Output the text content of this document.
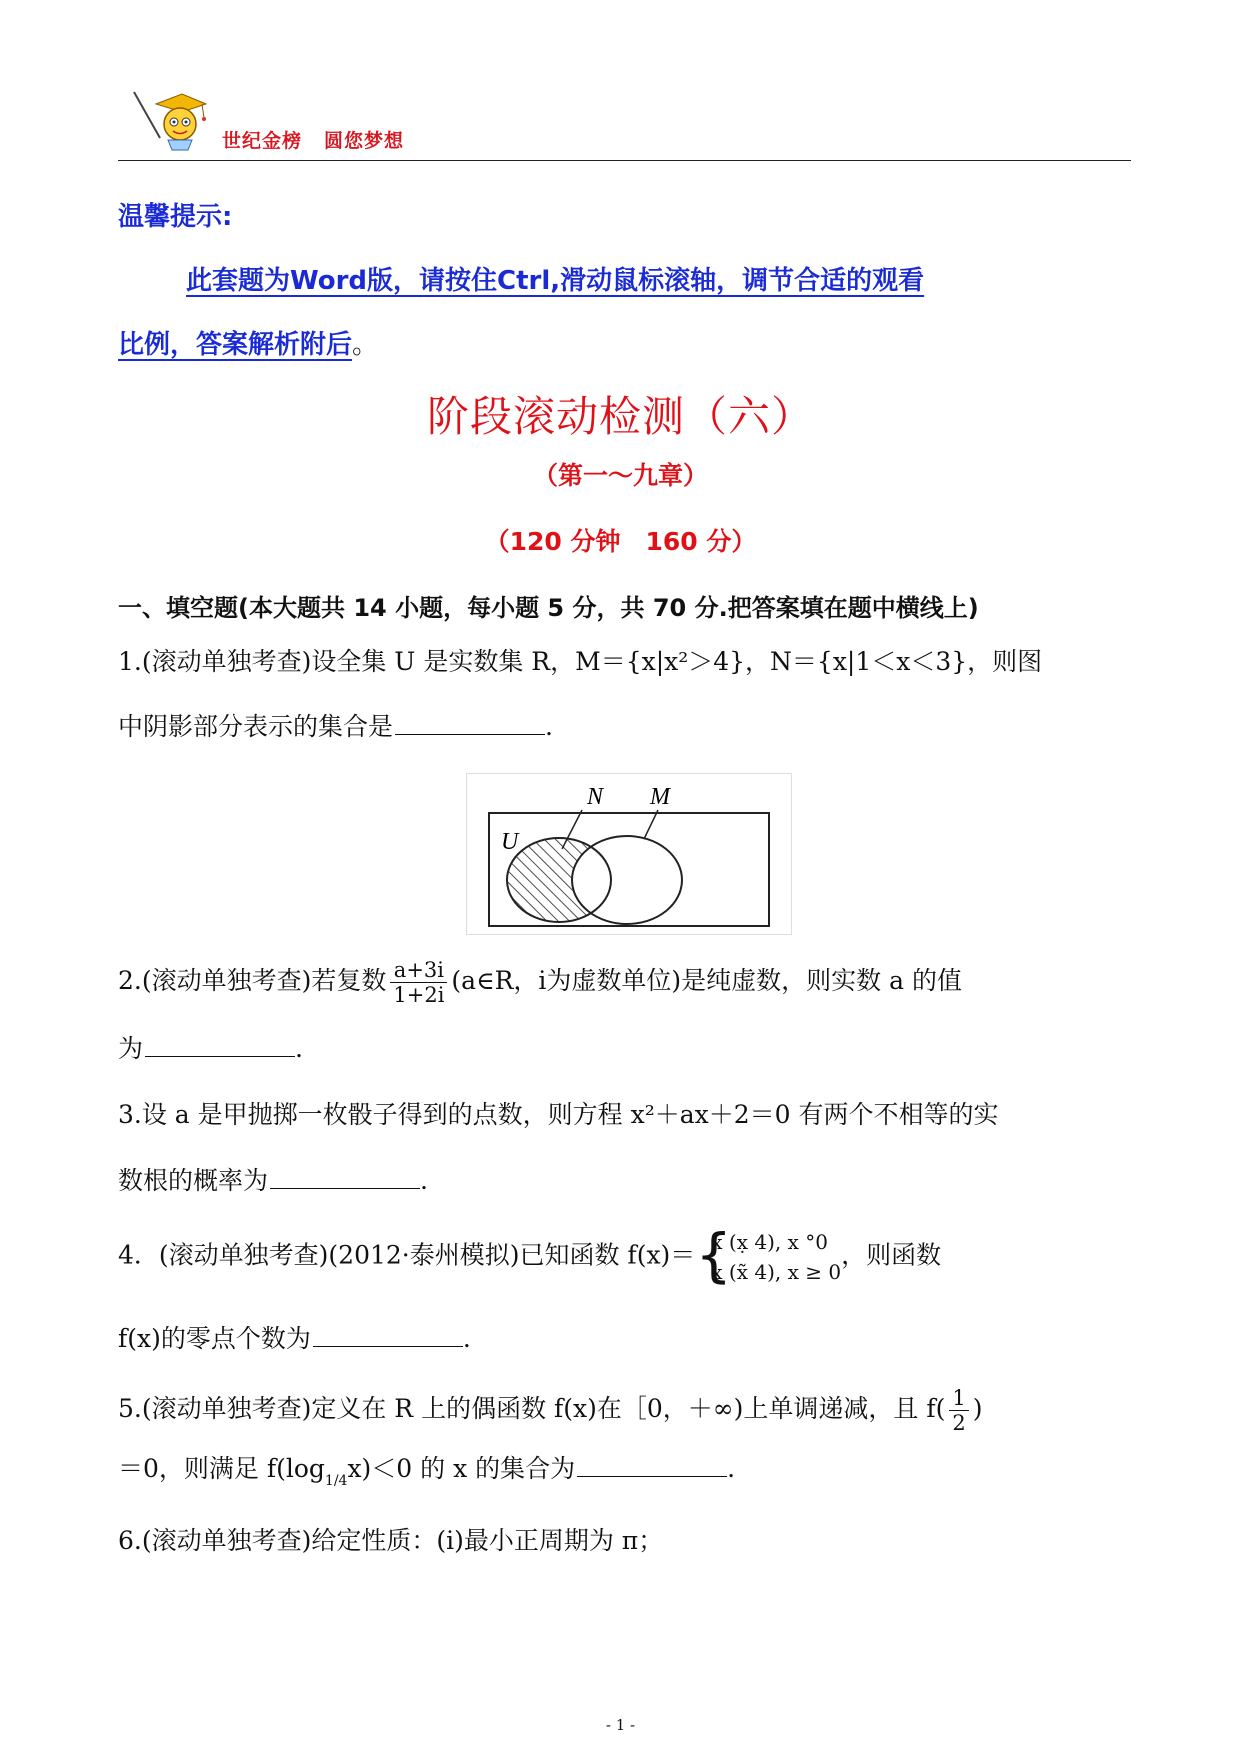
世纪金榜 圆您梦想
温馨提示:
此套题为Word版，请按住Ctrl,滑动鼠标滚轴，调节合适的观看
比例，答案解析附后。
阶段滚动检测（六）
（第一～九章）
（120 分钟　160 分）
一、填空题(本大题共 14 小题，每小题 5 分，共 70 分.把答案填在题中横线上)
1.(滚动单独考查)设全集 U 是实数集 R，M＝{x|x²＞4}，N＝{x|1＜x＜3}，则图
中阴影部分表示的集合是	.
N M
U
2.(滚动单独考查)若复数 $\frac{a+3i}{1+2i}$ (a∈R，ⅰ为虚数单位)是纯虚数，则实数 a 的值
为	.
3.设 a 是甲抛掷一枚骰子得到的点数，则方程 x²＋ax＋2＝0 有两个不相等的实
数根的概率为	.
4．(滚动单独考查)(2012·泰州模拟)已知函数 f(x)＝ {
x (x̣ 4), x °0
x (x̃ 4), x ≥ 0
，则函数
f(x)的零点个数为	.
5.(滚动单独考查)定义在 R 上的偶函数 f(x)在［0，＋∞)上单调递减，且 $f( \frac{1}{2}$ )
＝0，则满足 $f(\log_{1/4}x)<0$ 的 x 的集合为	.
6.(滚动单独考查)给定性质：(ⅰ)最小正周期为 π；
- 1 -
